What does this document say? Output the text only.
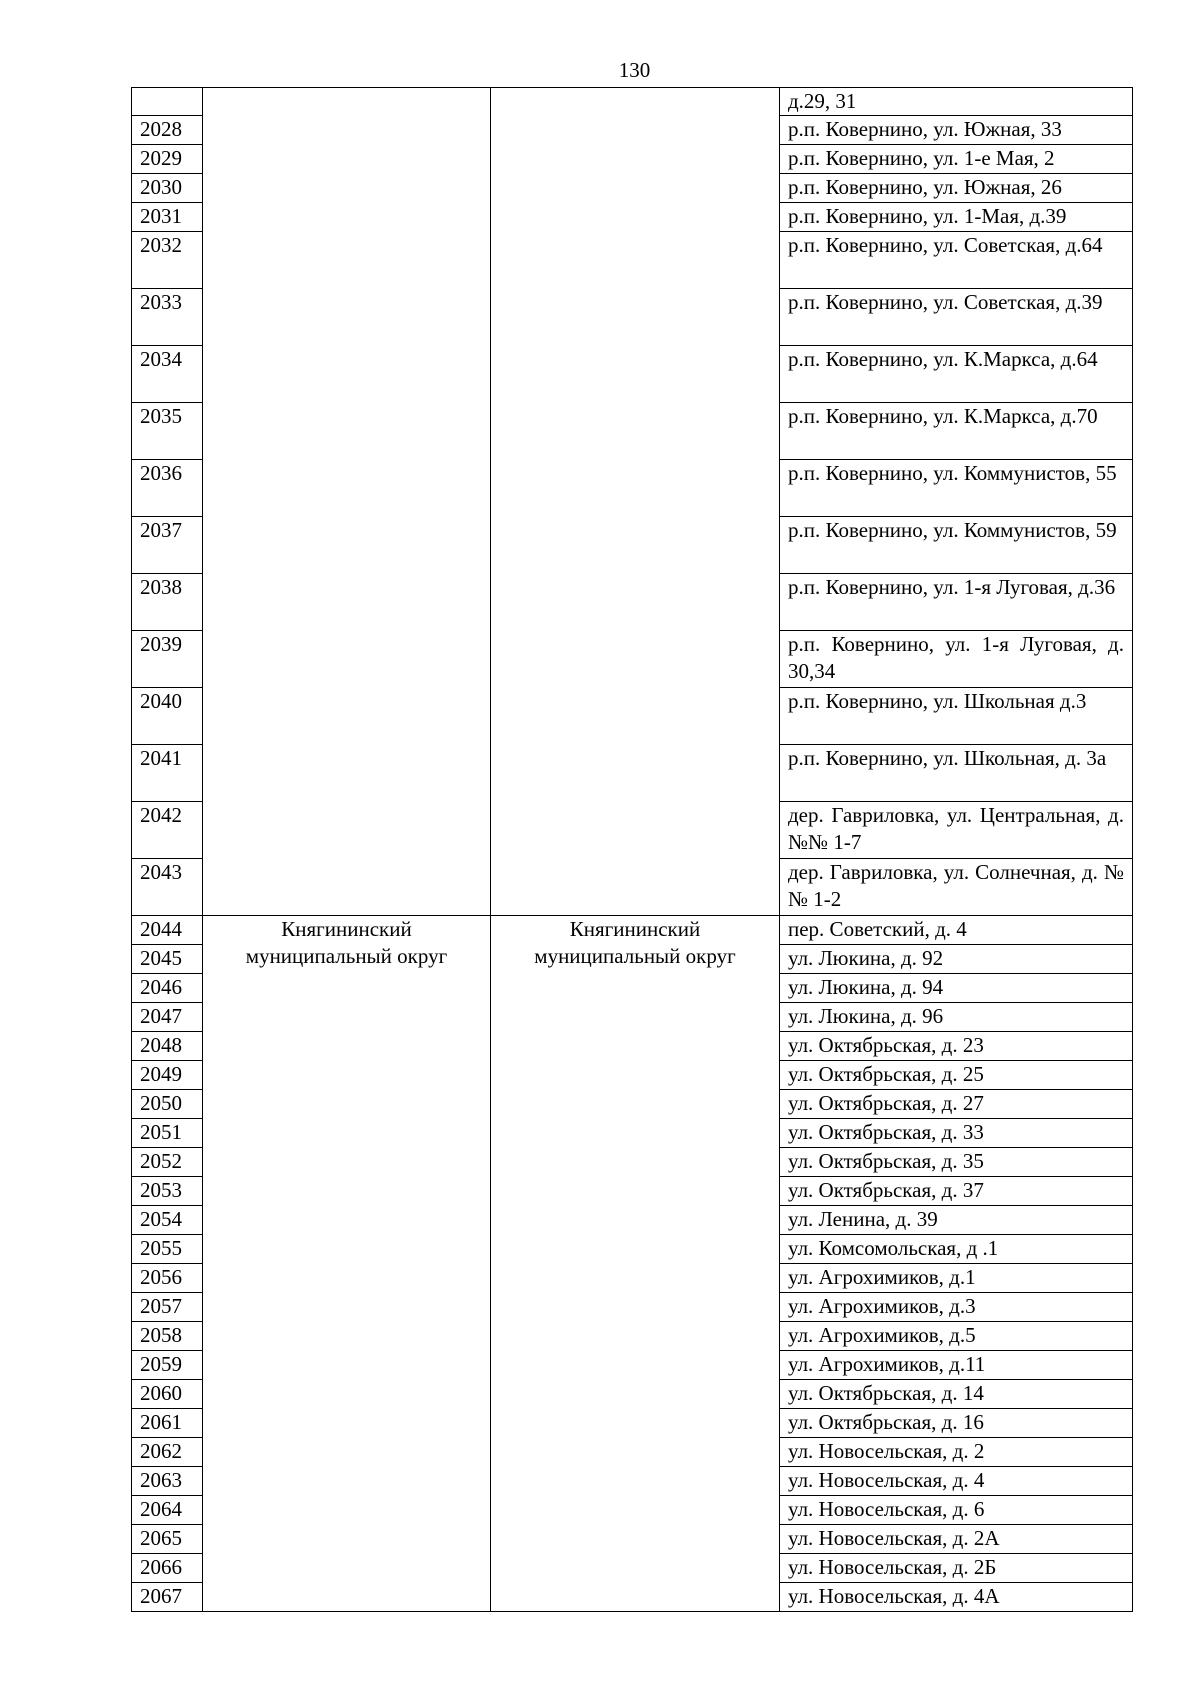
130
			д.29, 31
2028			р.п. Ковернино, ул. Южная, 33
2029			р.п. Ковернино, ул. 1-е Мая, 2
2030			р.п. Ковернино, ул. Южная, 26
2031			р.п. Ковернино, ул. 1-Мая, д.39
2032			р.п. Ковернино, ул. Советская, д.64
2033			р.п. Ковернино, ул. Советская, д.39
2034			р.п. Ковернино, ул. К.Маркса, д.64
2035			р.п. Ковернино, ул. К.Маркса, д.70
2036			р.п. Ковернино, ул. Коммунистов, 55
2037			р.п. Ковернино, ул. Коммунистов, 59
2038			р.п. Ковернино, ул. 1-я Луговая, д.36
2039			р.п. Ковернино, ул. 1-я Луговая, д. 30,34
2040			р.п. Ковернино, ул. Школьная д.3
2041			р.п. Ковернино, ул. Школьная, д. 3а
2042			дер. Гавриловка, ул. Центральная, д.№№ 1-7
2043			дер. Гавриловка, ул. Солнечная, д. №№ 1-2
2044	Княгининский муниципальный округ	Княгининский муниципальный округ	пер. Советский, д. 4
2045			ул. Люкина, д. 92
2046			ул. Люкина, д. 94
2047			ул. Люкина, д. 96
2048			ул. Октябрьская, д. 23
2049			ул. Октябрьская, д. 25
2050			ул. Октябрьская, д. 27
2051			ул. Октябрьская, д. 33
2052			ул. Октябрьская, д. 35
2053			ул. Октябрьская, д. 37
2054			ул. Ленина, д. 39
2055			ул. Комсомольская, д .1
2056			ул. Агрохимиков, д.1
2057			ул. Агрохимиков, д.3
2058			ул. Агрохимиков, д.5
2059			ул. Агрохимиков, д.11
2060			ул. Октябрьская, д. 14
2061			ул. Октябрьская, д. 16
2062			ул. Новосельская, д. 2
2063			ул. Новосельская, д. 4
2064			ул. Новосельская, д. 6
2065			ул. Новосельская, д. 2А
2066			ул. Новосельская, д. 2Б
2067			ул. Новосельская, д. 4А
